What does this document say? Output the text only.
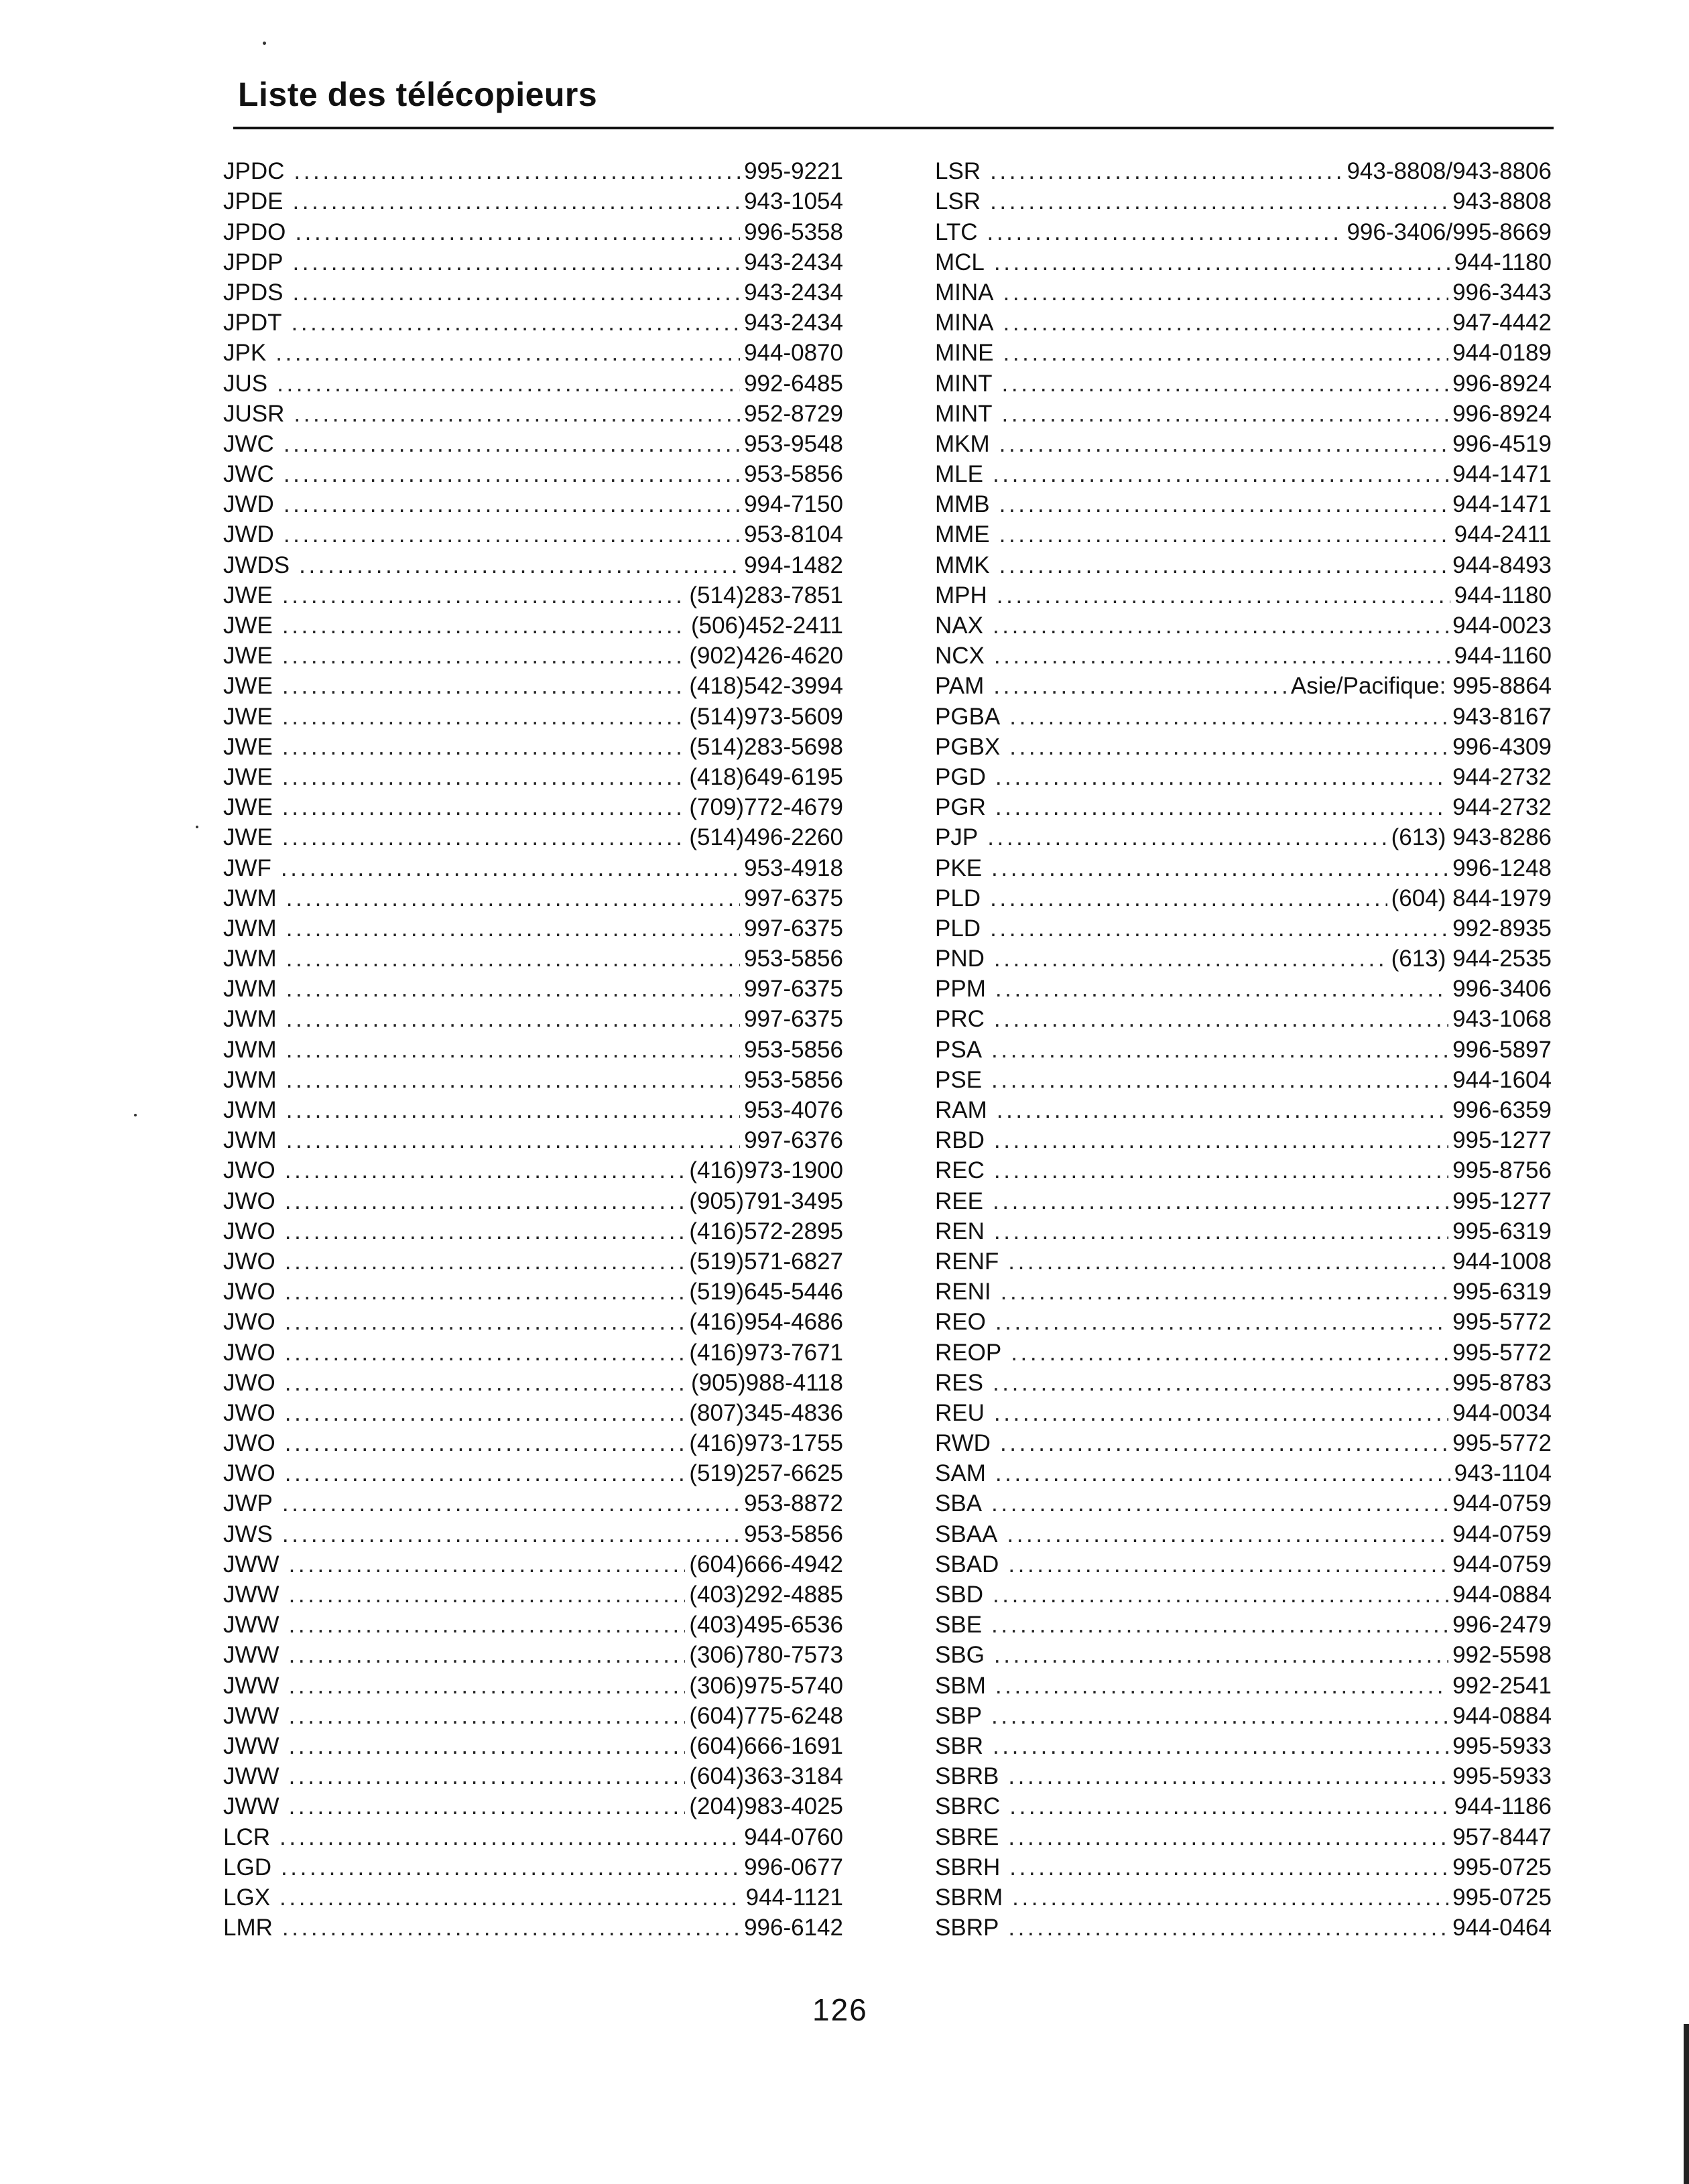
Liste des télécopieurs
JPDC .....	995-9221
JPDE .....	943-1054
JPDO .....	996-5358
JPDP .....	943-2434
JPDS .....	943-2434
JPDT .....	943-2434
JPK .....	944-0870
JUS .....	992-6485
JUSR .....	952-8729
JWC .....	953-9548
JWC .....	953-5856
JWD .....	994-7150
JWD .....	953-8104
JWDS .....	994-1482
JWE .....	(514)283-7851
JWE .....	(506)452-2411
JWE .....	(902)426-4620
JWE .....	(418)542-3994
JWE .....	(514)973-5609
JWE .....	(514)283-5698
JWE .....	(418)649-6195
JWE .....	(709)772-4679
JWE .....	(514)496-2260
JWF .....	953-4918
JWM .....	997-6375
JWM .....	997-6375
JWM .....	953-5856
JWM .....	997-6375
JWM .....	997-6375
JWM .....	953-5856
JWM .....	953-5856
JWM .....	953-4076
JWM .....	997-6376
JWO .....	(416)973-1900
JWO .....	(905)791-3495
JWO .....	(416)572-2895
JWO .....	(519)571-6827
JWO .....	(519)645-5446
JWO .....	(416)954-4686
JWO .....	(416)973-7671
JWO .....	(905)988-4118
JWO .....	(807)345-4836
JWO .....	(416)973-1755
JWO .....	(519)257-6625
JWP .....	953-8872
JWS .....	953-5856
JWW .....	(604)666-4942
JWW .....	(403)292-4885
JWW .....	(403)495-6536
JWW .....	(306)780-7573
JWW .....	(306)975-5740
JWW .....	(604)775-6248
JWW .....	(604)666-1691
JWW .....	(604)363-3184
JWW .....	(204)983-4025
LCR .....	944-0760
LGD .....	996-0677
LGX .....	944-1121
LMR .....	996-6142
LSR .....	943-8808/943-8806
LSR .....	943-8808
LTC .....	996-3406/995-8669
MCL .....	944-1180
MINA .....	996-3443
MINA .....	947-4442
MINE .....	944-0189
MINT .....	996-8924
MINT .....	996-8924
MKM .....	996-4519
MLE .....	944-1471
MMB .....	944-1471
MME .....	944-2411
MMK .....	944-8493
MPH .....	944-1180
NAX .....	944-0023
NCX .....	944-1160
PAM .....	Asie/Pacifique: 995-8864
PGBA .....	943-8167
PGBX .....	996-4309
PGD .....	944-2732
PGR .....	944-2732
PJP .....	(613) 943-8286
PKE .....	996-1248
PLD .....	(604) 844-1979
PLD .....	992-8935
PND .....	(613) 944-2535
PPM .....	996-3406
PRC .....	943-1068
PSA .....	996-5897
PSE .....	944-1604
RAM .....	996-6359
RBD .....	995-1277
REC .....	995-8756
REE .....	995-1277
REN .....	995-6319
RENF .....	944-1008
RENI .....	995-6319
REO .....	995-5772
REOP .....	995-5772
RES .....	995-8783
REU .....	944-0034
RWD .....	995-5772
SAM .....	943-1104
SBA .....	944-0759
SBAA .....	944-0759
SBAD .....	944-0759
SBD .....	944-0884
SBE .....	996-2479
SBG .....	992-5598
SBM .....	992-2541
SBP .....	944-0884
SBR .....	995-5933
SBRB .....	995-5933
SBRC .....	944-1186
SBRE .....	957-8447
SBRH .....	995-0725
SBRM .....	995-0725
SBRP .....	944-0464
126
